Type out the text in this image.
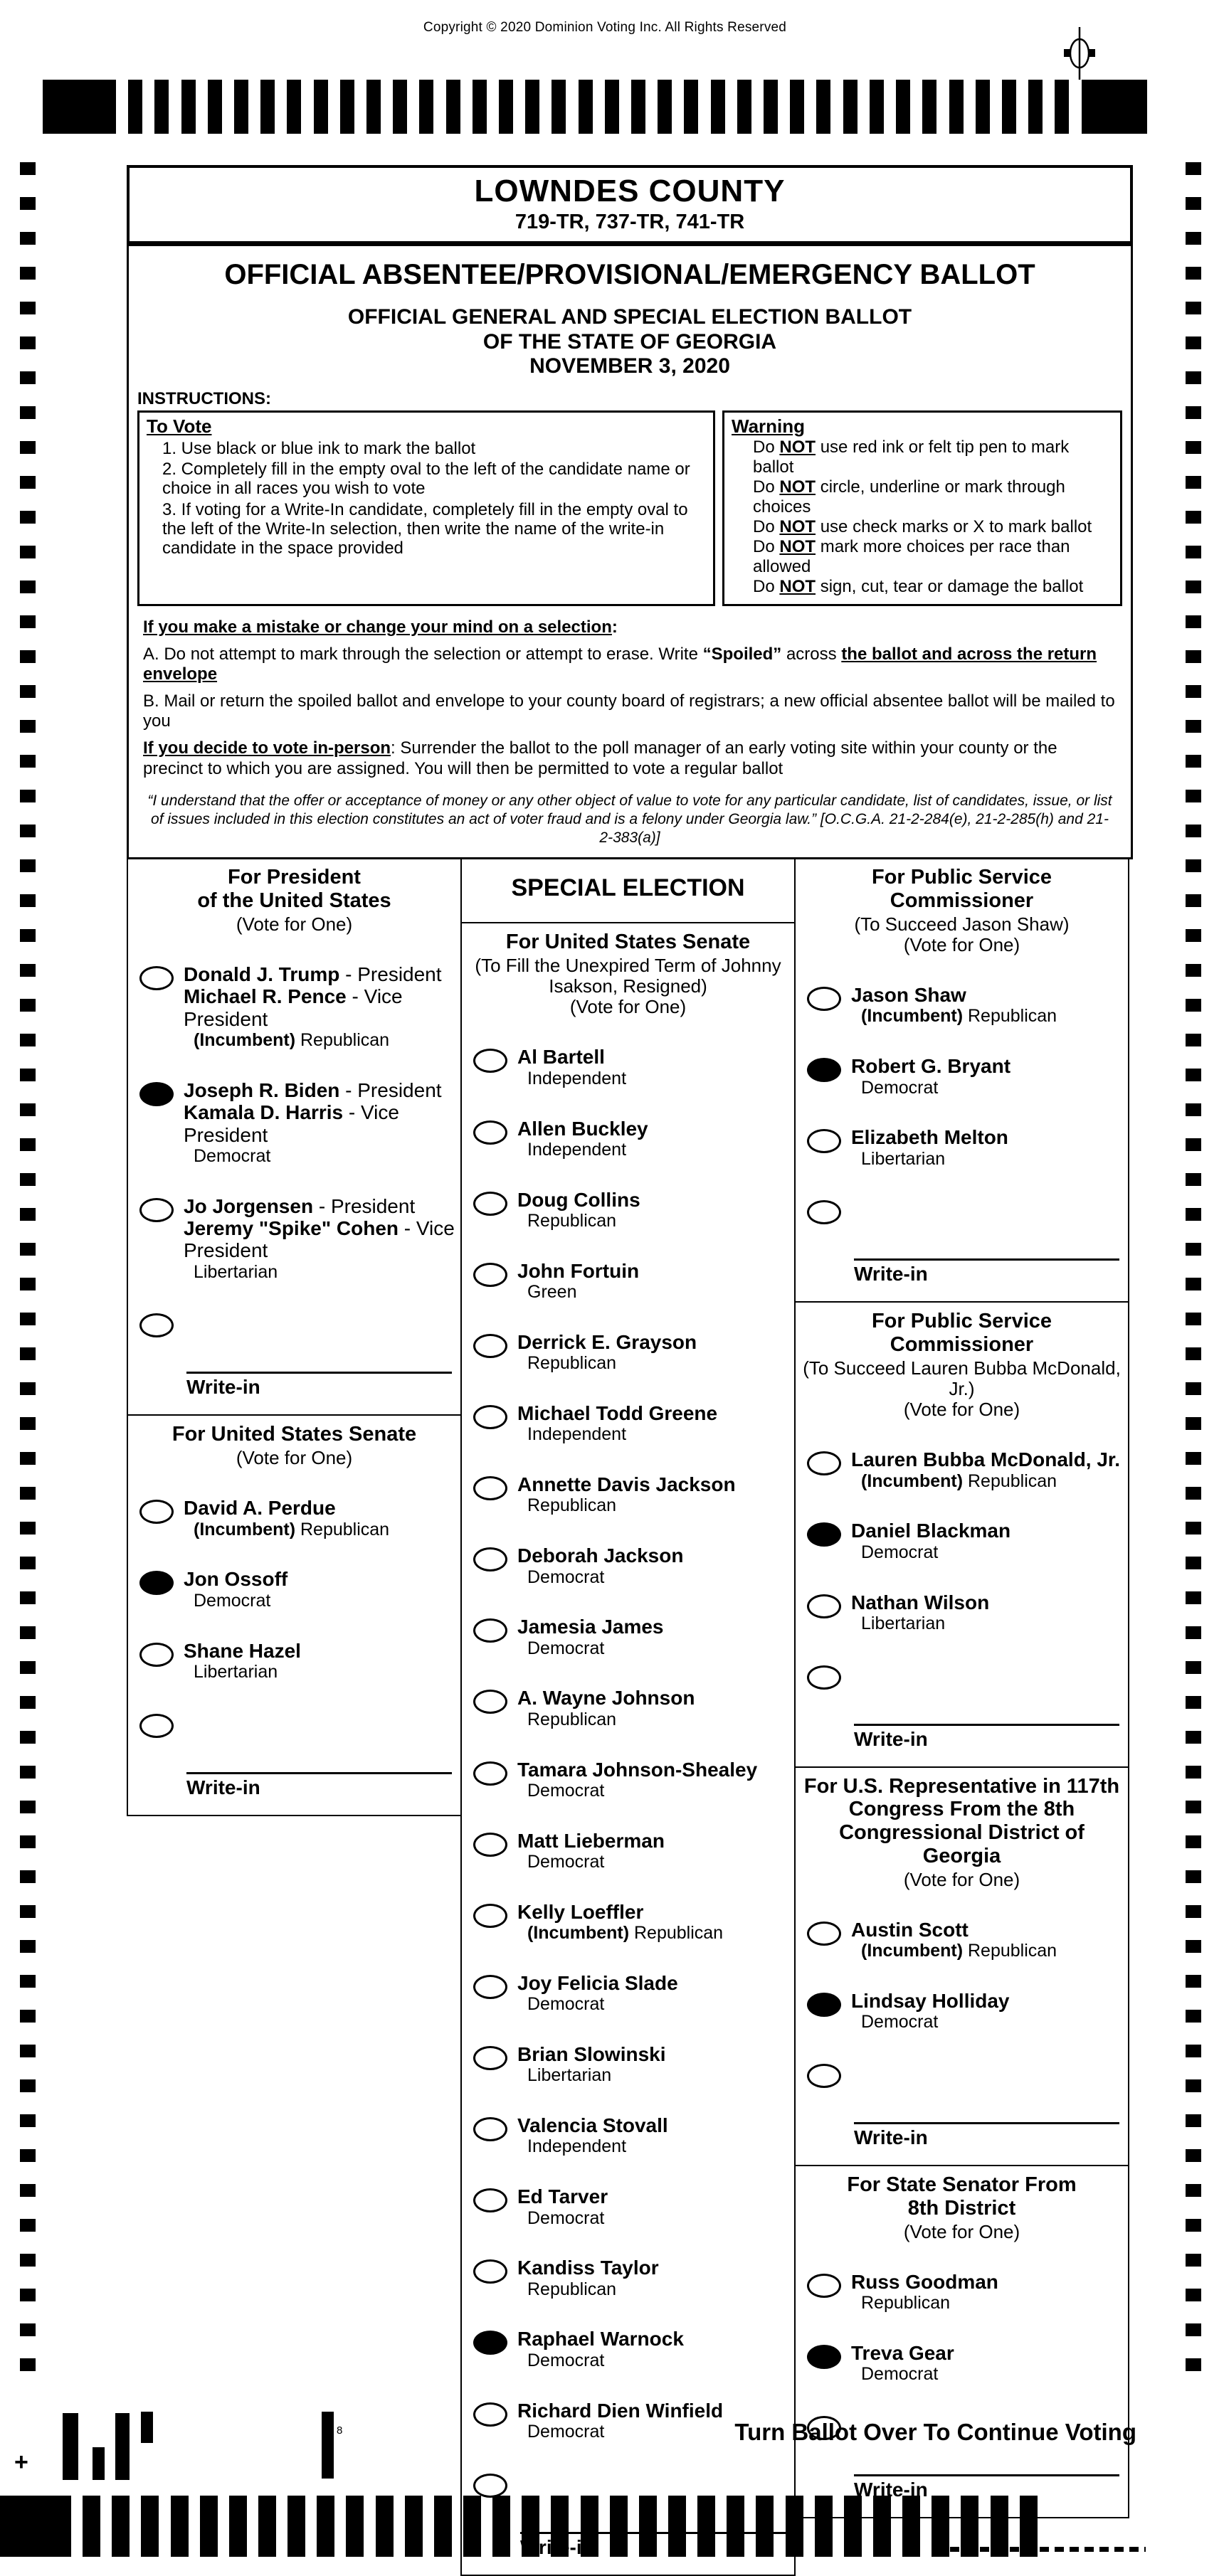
Copyright © 2020 Dominion Voting Inc. All Rights Reserved
LOWNDES COUNTY
719-TR, 737-TR, 741-TR
OFFICIAL ABSENTEE/PROVISIONAL/EMERGENCY BALLOT
OFFICIAL GENERAL AND SPECIAL ELECTION BALLOT
OF THE STATE OF GEORGIA
NOVEMBER 3, 2020
INSTRUCTIONS:
To Vote
1. Use black or blue ink to mark the ballot
2. Completely fill in the empty oval to the left of the candidate name or choice in all races you wish to vote
3. If voting for a Write-In candidate, completely fill in the empty oval to the left of the Write-In selection, then write the name of the write-in candidate in the space provided
Warning
Do NOT use red ink or felt tip pen to mark ballot
Do NOT circle, underline or mark through choices
Do NOT use check marks or X to mark ballot
Do NOT mark more choices per race than allowed
Do NOT sign, cut, tear or damage the ballot
If you make a mistake or change your mind on a selection:
A. Do not attempt to mark through the selection or attempt to erase. Write “Spoiled” across the ballot and across the return envelope
B. Mail or return the spoiled ballot and envelope to your county board of registrars; a new official absentee ballot will be mailed to you
If you decide to vote in-person: Surrender the ballot to the poll manager of an early voting site within your county or the precinct to which you are assigned. You will then be permitted to vote a regular ballot
“I understand that the offer or acceptance of money or any other object of value to vote for any particular candidate, list of candidates, issue, or list of issues included in this election constitutes an act of voter fraud and is a felony under Georgia law.” [O.C.G.A. 21-2-284(e), 21-2-285(h) and 21-2-383(a)]
For President
of the United States
(Vote for One)
Donald J. Trump - President
Michael R. Pence - Vice President
(Incumbent) Republican
Joseph R. Biden - President
Kamala D. Harris - Vice President
Democrat
Jo Jorgensen - President
Jeremy "Spike" Cohen - Vice President
Libertarian
Write-in
For United States Senate
(Vote for One)
David A. Perdue
(Incumbent) Republican
Jon Ossoff
Democrat
Shane Hazel
Libertarian
Write-in
SPECIAL ELECTION
For United States Senate
(To Fill the Unexpired Term of Johnny
Isakson, Resigned)
(Vote for One)
Al Bartell
Independent
Allen Buckley
Independent
Doug Collins
Republican
John Fortuin
Green
Derrick E. Grayson
Republican
Michael Todd Greene
Independent
Annette Davis Jackson
Republican
Deborah Jackson
Democrat
Jamesia James
Democrat
A. Wayne Johnson
Republican
Tamara Johnson-Shealey
Democrat
Matt Lieberman
Democrat
Kelly Loeffler
(Incumbent) Republican
Joy Felicia Slade
Democrat
Brian Slowinski
Libertarian
Valencia Stovall
Independent
Ed Tarver
Democrat
Kandiss Taylor
Republican
Raphael Warnock
Democrat
Richard Dien Winfield
Democrat
Write-in
For Public Service
Commissioner
(To Succeed Jason Shaw)
(Vote for One)
Jason Shaw
(Incumbent) Republican
Robert G. Bryant
Democrat
Elizabeth Melton
Libertarian
Write-in
For Public Service
Commissioner
(To Succeed Lauren Bubba McDonald, Jr.)
(Vote for One)
Lauren Bubba McDonald, Jr.
(Incumbent) Republican
Daniel Blackman
Democrat
Nathan Wilson
Libertarian
Write-in
For U.S. Representative in 117th
Congress From the 8th
Congressional District of Georgia
(Vote for One)
Austin Scott
(Incumbent) Republican
Lindsay Holliday
Democrat
Write-in
For State Senator From
8th District
(Vote for One)
Russ Goodman
Republican
Treva Gear
Democrat
Write-in
Turn Ballot Over To Continue Voting
+
8
